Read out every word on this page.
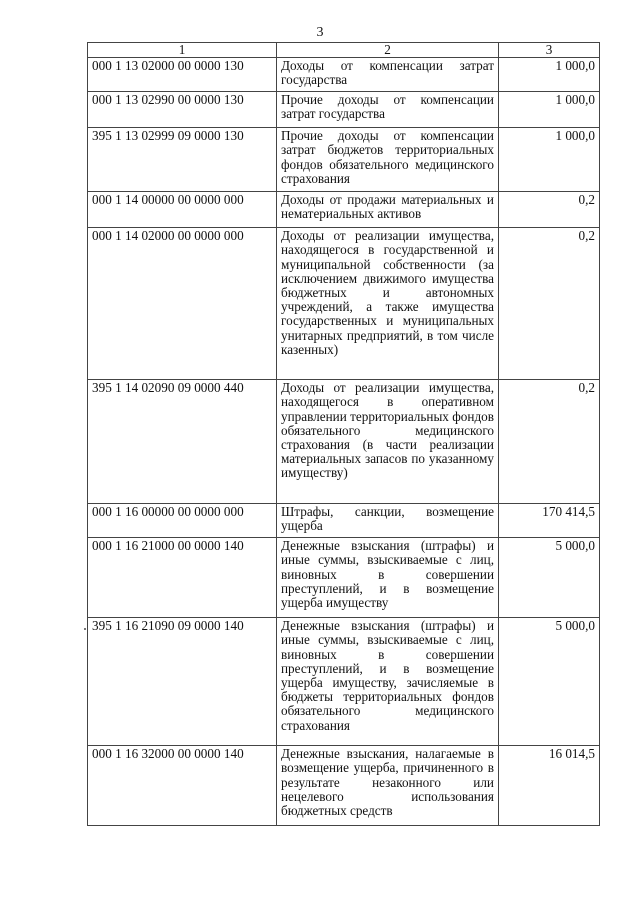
3
1	2	3
000 1 13 02000 00 0000 130	Доходы от компенсации затрат государства	1 000,0
000 1 13 02990 00 0000 130	Прочие доходы от компенсации затрат государства	1 000,0
395 1 13 02999 09 0000 130	Прочие доходы от компенсации затрат бюджетов территориальных фондов обязательного медицинского страхования	1 000,0
000 1 14 00000 00 0000 000	Доходы от продажи материальных и нематериальных активов	0,2
000 1 14 02000 00 0000 000	Доходы от реализации имущества, находящегося в государственной и муниципальной собственности (за исключением движимого имущества бюджетных и автономных учреждений, а также имущества государственных и муниципальных унитарных предприятий, в том числе казенных)	0,2
395 1 14 02090 09 0000 440	Доходы от реализации имущества, находящегося в оперативном управлении территориальных фондов обязательного медицинского страхования (в части реализации материальных запасов по указанному имуществу)	0,2
000 1 16 00000 00 0000 000	Штрафы, санкции, возмещение ущерба	170 414,5
000 1 16 21000 00 0000 140	Денежные взыскания (штрафы) и иные суммы, взыскиваемые с лиц, виновных в совершении преступлений, и в возмещение ущерба имуществу	5 000,0
395 1 16 21090 09 0000 140	Денежные взыскания (штрафы) и иные суммы, взыскиваемые с лиц, виновных в совершении преступлений, и в возмещение ущерба имуществу, зачисляемые в бюджеты территориальных фондов обязательного медицинского страхования	5 000,0
000 1 16 32000 00 0000 140	Денежные взыскания, налагаемые в возмещение ущерба, причиненного в результате незаконного или нецелевого использования бюджетных средств	16 014,5
